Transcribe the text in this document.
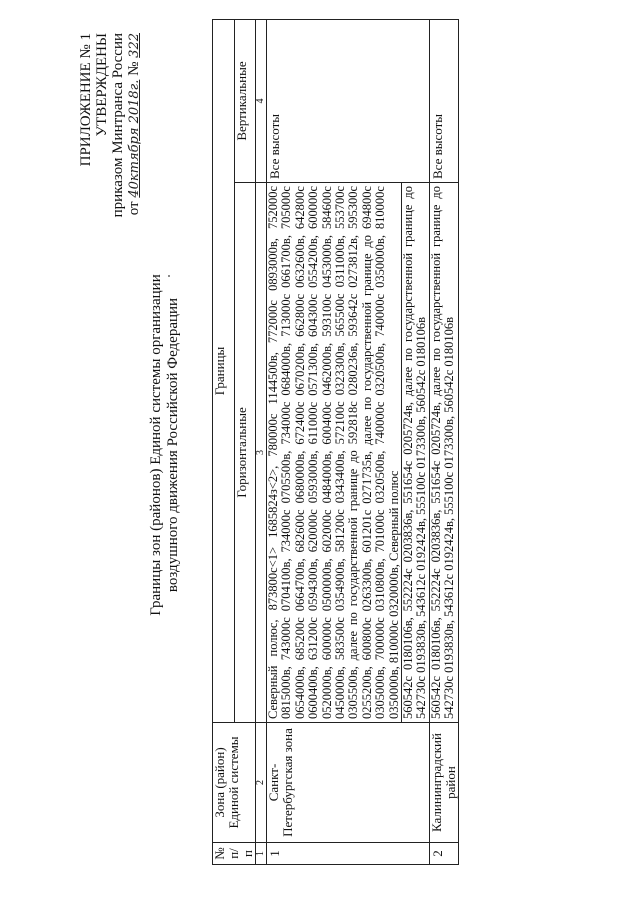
ПРИЛОЖЕНИЕ № 1 УТВЕРЖДЕНЫ приказом Минтранса России от 40ктября 2018г. № 322
Границы зон (районов) Единой системы организации воздушного движения Российской Федерации
№ п/п	Зона (район) Единой системы	Границы	
		Горизонтальные	Вертикальные
1	2	3	4
1	Санкт-Петербургская зона	Северный полюс, 873800с<1> 1685824з<2>, 780000с 1144500в, 772000с 0893000в, 752000с 0815000в, 743000с 0704100в, 734000с 0705500в, 734000с 0684000в, 713000с 0661700в, 705000с 0654000в, 685200с 0664700в, 682600с 0680000в, 672400с 0670200в, 662800с 0632600в, 642800с 0600400в, 631200с 0594300в, 620000с 0593000в, 611000с 0571300в, 604300с 0554200в, 600000с 0520000в, 600000с 0500000в, 602000с 0484000в, 600400с 0462000в, 593100с 0453000в, 584600с 0450000в, 583500с 0354900в, 581200с 0343400в, 572100с 0323300в, 565500с 0311000в, 553700с 0305500в, далее по государственной границе до 592818с 0280236в, 593642с 0273812в, 595300с 0255200в, 600800с 0263300в, 601201с 0271735в, далее по государственной границе до 694800с 0305000в, 700000с 0310800в, 701000с 0320500в, 740000с 0320500в, 740000с 0350000в, 810000с 0350000в, 810000с 0320000в, Северный полюс	Все высоты
		560542с 0180106в, 552224с 0203836в, 551654с 0205724в, далее по государственной границе до 542730с 0193830в, 543612с 0192424в, 555100с 0173300в, 560542с 0180106в	
2	Калининградский район	560542с 0180106в, 552224с 0203836в, 551654с 0205724в, далее по государственной границе до 542730с 0193830в, 543612с 0192424в, 555100с 0173300в, 560542с 0180106в	Все высоты
